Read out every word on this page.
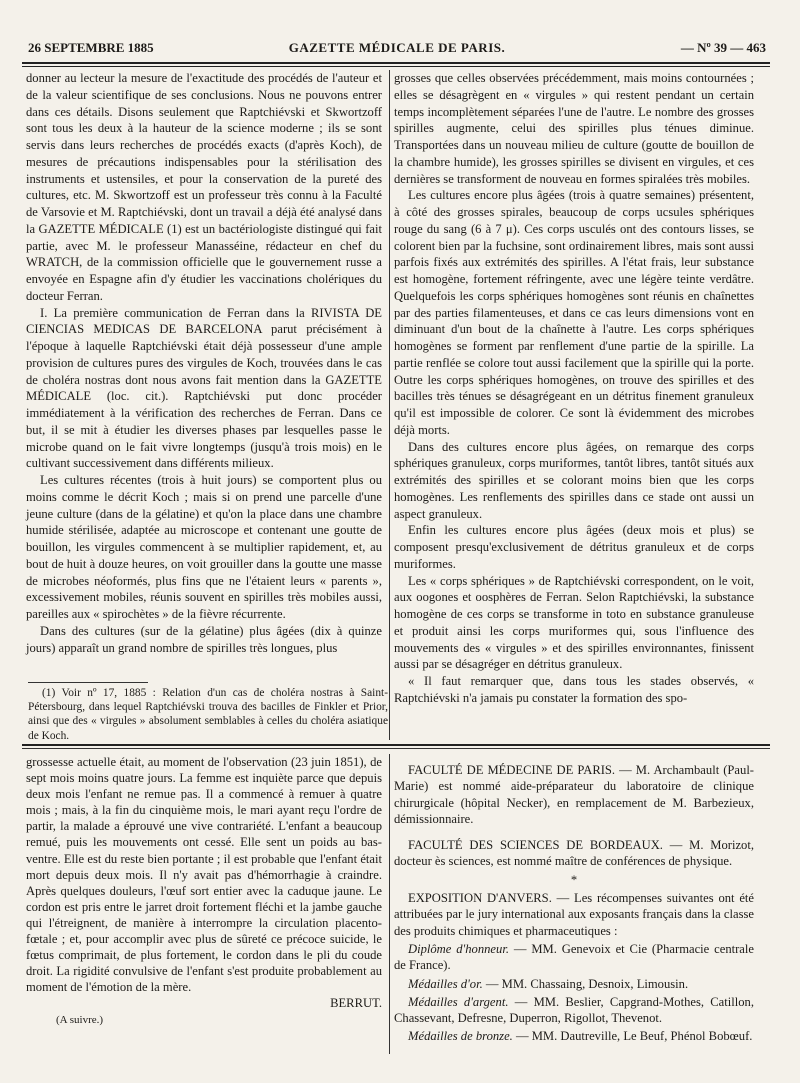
26 SEPTEMBRE 1885	GAZETTE MÉDICALE DE PARIS.	— Nº 39 — 463

donner au lecteur la mesure de l'exactitude des procédés de l'auteur et de la valeur scientifique de ses conclusions. Nous ne pouvons entrer dans ces détails. Disons seulement que Raptchiévski et Skwortzoff sont tous les deux à la hauteur de la science moderne ; ils se sont servis dans leurs recherches de procédés exacts (d'après Koch), de mesures de précautions indispensables pour la stérilisation des instruments et ustensiles, et pour la conservation de la pureté des cultures, etc. M. Skwortzoff est un professeur très connu à la Faculté de Varsovie et M. Raptchiévski, dont un travail a déjà été analysé dans la GAZETTE MÉDICALE (1) est un bactériologiste distingué qui fait partie, avec M. le professeur Manasséine, rédacteur en chef du WRATCH, de la commission officielle que le gouvernement russe a envoyée en Espagne afin d'y étudier les vaccinations cholériques du docteur Ferran.

I. La première communication de Ferran dans la RIVISTA DE CIENCIAS MEDICAS DE BARCELONA parut précisément à l'époque à laquelle Raptchiévski était déjà possesseur d'une ample provision de cultures pures des virgules de Koch, trouvées dans le cas de choléra nostras dont nous avons fait mention dans la GAZETTE MÉDICALE (loc. cit.). Raptchiévski put donc procéder immédiatement à la vérification des recherches de Ferran. Dans ce but, il se mit à étudier les diverses phases par lesquelles passe le microbe quand on le fait vivre longtemps (jusqu'à trois mois) en le cultivant successivement dans différents milieux.

Les cultures récentes (trois à huit jours) se comportent plus ou moins comme le décrit Koch ; mais si on prend une parcelle d'une jeune culture (dans de la gélatine) et qu'on la place dans une chambre humide stérilisée, adaptée au microscope et contenant une goutte de bouillon, les virgules commencent à se multiplier rapidement, et, au bout de huit à douze heures, on voit grouiller dans la goutte une masse de microbes néoformés, plus fins que ne l'étaient leurs « parents », excessivement mobiles, réunis souvent en spirilles très mobiles aussi, pareilles aux « spirochètes » de la fièvre récurrente.

Dans des cultures (sur de la gélatine) plus âgées (dix à quinze jours) apparaît un grand nombre de spirilles très longues, plus

(1) Voir nº 17, 1885 : Relation d'un cas de choléra nostras à Saint-Pétersbourg, dans lequel Raptchiévski trouva des bacilles de Finkler et Prior, ainsi que des « virgules » absolument semblables à celles du choléra asiatique de Koch.

grosses que celles observées précédemment, mais moins contournées ; elles se désagrègent en « virgules » qui restent pendant un certain temps incomplètement séparées l'une de l'autre. Le nombre des grosses spirilles augmente, celui des spirilles plus ténues diminue. Transportées dans un nouveau milieu de culture (goutte de bouillon de la chambre humide), les grosses spirilles se divisent en virgules, et ces dernières se transforment de nouveau en formes spiralées très mobiles.

Les cultures encore plus âgées (trois à quatre semaines) présentent, à côté des grosses spirales, beaucoup de corps ucsules sphériques rouge du sang (6 à 7 μ). Ces corps usculés ont des contours lisses, se colorent bien par la fuchsine, sont ordinairement libres, mais sont aussi parfois fixés aux extrémités des spirilles. A l'état frais, leur substance est homogène, fortement réfringente, avec une légère teinte verdâtre. Quelquefois les corps sphériques homogènes sont réunis en chaînettes par des parties filamenteuses, et dans ce cas leurs dimensions vont en diminuant d'un bout de la chaînette à l'autre. Les corps sphériques homogènes se forment par renflement d'une partie de la spirille. La partie renflée se colore tout aussi facilement que la spirille qui la porte. Outre les corps sphériques homogènes, on trouve des spirilles et des bacilles très ténues se désagrégeant en un détritus finement granuleux qu'il est impossible de colorer. Ce sont là évidemment des microbes déjà morts.

Dans des cultures encore plus âgées, on remarque des corps sphériques granuleux, corps muriformes, tantôt libres, tantôt situés aux extrémités des spirilles et se colorant moins bien que les corps homogènes. Les renflements des spirilles dans ce stade ont aussi un aspect granuleux.

Enfin les cultures encore plus âgées (deux mois et plus) se composent presqu'exclusivement de détritus granuleux et de corps muriformes.

Les « corps sphériques » de Raptchiévski correspondent, on le voit, aux oogones et oosphères de Ferran. Selon Raptchiévski, la substance homogène de ces corps se transforme in toto en substance granuleuse et produit ainsi les corps muriformes qui, sous l'influence des mouvements des « virgules » et des spirilles environnantes, finissent aussi par se désagréger en détritus granuleux.

« Il faut remarquer que, dans tous les stades observés, « Raptchiévski n'a jamais pu constater la formation des spo-

grossesse actuelle était, au moment de l'observation (23 juin 1851), de sept mois moins quatre jours. La femme est inquiète parce que depuis deux mois l'enfant ne remue pas. Il a commencé à remuer à quatre mois ; mais, à la fin du cinquième mois, le mari ayant reçu l'ordre de partir, la malade a éprouvé une vive contrariété. L'enfant a beaucoup remué, puis les mouvements ont cessé. Elle sent un poids au bas-ventre. Elle est du reste bien portante ; il est probable que l'enfant était mort depuis deux mois. Il n'y avait pas d'hémorrhagie à craindre. Après quelques douleurs, l'œuf sort entier avec la caduque jaune. Le cordon est pris entre le jarret droit fortement fléchi et la jambe gauche qui l'étreignent, de manière à interrompre la circulation placento-fœtale ; et, pour accomplir avec plus de sûreté ce précoce suicide, le fœtus comprimait, de plus fortement, le cordon dans le pli du coude droit. La rigidité convulsive de l'enfant s'est produite probablement au moment de l'émotion de la mère.

BERRUT.

(A suivre.)

FACULTÉ DE MÉDECINE DE PARIS. — M. Archambault (Paul-Marie) est nommé aide-préparateur du laboratoire de clinique chirurgicale (hôpital Necker), en remplacement de M. Barbezieux, démissionnaire.

FACULTÉ DES SCIENCES DE BORDEAUX. — M. Morizot, docteur ès sciences, est nommé maître de conférences de physique.

*

EXPOSITION D'ANVERS. — Les récompenses suivantes ont été attribuées par le jury international aux exposants français dans la classe des produits chimiques et pharmaceutiques :

Diplôme d'honneur. — MM. Genevoix et Cie (Pharmacie centrale de France).

Médailles d'or. — MM. Chassaing, Desnoix, Limousin.

Médailles d'argent. — MM. Beslier, Capgrand-Mothes, Catillon, Chassevant, Defresne, Duperron, Rigollot, Thevenot.

Médailles de bronze. — MM. Dautreville, Le Beuf, Phénol Bobœuf.
